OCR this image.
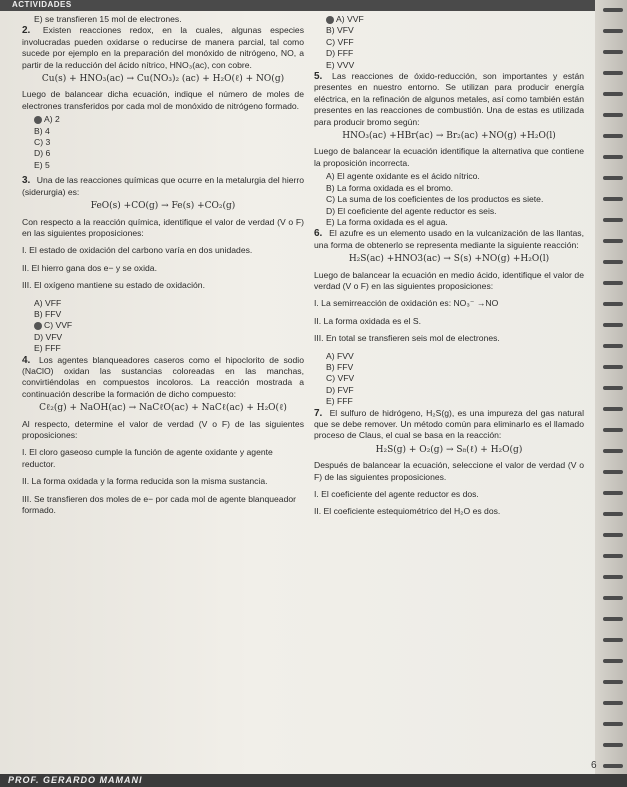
ACTIVIDADES
E) se transfieren 15 mol de electrones.
2. Existen reacciones redox, en la cuales, algunas especies involucradas pueden oxidarse o reducirse de manera parcial, tal como sucede por ejemplo en la preparación del monóxido de nitrógeno, NO, a partir de la reducción del ácido nítrico, HNO₃(ac), con cobre.
Cu(s) + HNO₃(ac) → Cu(NO₃)₂ (ac) + H₂O(ℓ) + NO(g)
Luego de balancear dicha ecuación, indique el número de moles de electrones transferidos por cada mol de monóxido de nitrógeno formado.
A) 2
B) 4
C) 3
D) 6
E) 5
3. Una de las reacciones químicas que ocurre en la metalurgia del hierro (siderurgia) es:
FeO(s) +CO(g) → Fe(s) +CO₂(g)
Con respecto a la reacción química, identifique el valor de verdad (V o F) en las siguientes proposiciones:

I. El estado de oxidación del carbono varía en dos unidades.

II. El hierro gana dos e− y se oxida.

III. El oxígeno mantiene su estado de oxidación.

A) VFF
B) FFV
C) VVF
D) VFV
E) FFF
4. Los agentes blanqueadores caseros como el hipoclorito de sodio (NaClO) oxidan las sustancias coloreadas en las manchas, convirtiéndolas en compuestos incoloros. La reacción mostrada a continuación describe la formación de dicho compuesto:
Cℓ₂(g) + NaOH(ac) → NaCℓO(ac) + NaCℓ(ac) + H₂O(ℓ)
Al respecto, determine el valor de verdad (V o F) de las siguientes proposiciones:

I. El cloro gaseoso cumple la función de agente oxidante y agente reductor.

II. La forma oxidada y la forma reducida son la misma sustancia.

III. Se transfieren dos moles de e− por cada mol de agente blanqueador formado.

A) VVF
B) VFV
C) VFF
D) FFF
E) VVV
5. Las reacciones de óxido-reducción, son importantes y están presentes en nuestro entorno. Se utilizan para producir energía eléctrica, en la refinación de algunos metales, así como también están presentes en las reacciones de combustión. Una de estas es utilizada para producir bromo según:
HNO₃(ac) +HBr(ac) → Br₂(ac) +NO(g) +H₂O(l)
Luego de balancear la ecuación identifique la alternativa que contiene la proposición incorrecta.
A) El agente oxidante es el ácido nítrico.
B) La forma oxidada es el bromo.
C) La suma de los coeficientes de los productos es siete.
D) El coeficiente del agente reductor es seis.
E) La forma oxidada es el agua.
6. El azufre es un elemento usado en la vulcanización de las llantas, una forma de obtenerlo se representa mediante la siguiente reacción:
H₂S(ac) +HNO3(ac) → S(s) +NO(g) +H₂O(l)
Luego de balancear la ecuación en medio ácido, identifique el valor de verdad (V o F) en las siguientes proposiciones:

I. La semirreacción de oxidación es: NO₃⁻ →NO

II. La forma oxidada es el S.

III. En total se transfieren seis mol de electrones.

A) FVV
B) FFV
C) VFV
D) FVF
E) FFF
7. El sulfuro de hidrógeno, H₂S(g), es una impureza del gas natural que se debe remover. Un método común para eliminarlo es el llamado proceso de Claus, el cual se basa en la reacción:
H₂S(g) + O₂(g) → S₈(ℓ) + H₂O(g)
Después de balancear la ecuación, seleccione el valor de verdad (V o F) de las siguientes proposiciones.

I. El coeficiente del agente reductor es dos.

II. El coeficiente estequiométrico del H₂O es dos.

6
PROF. GERARDO MAMANI
